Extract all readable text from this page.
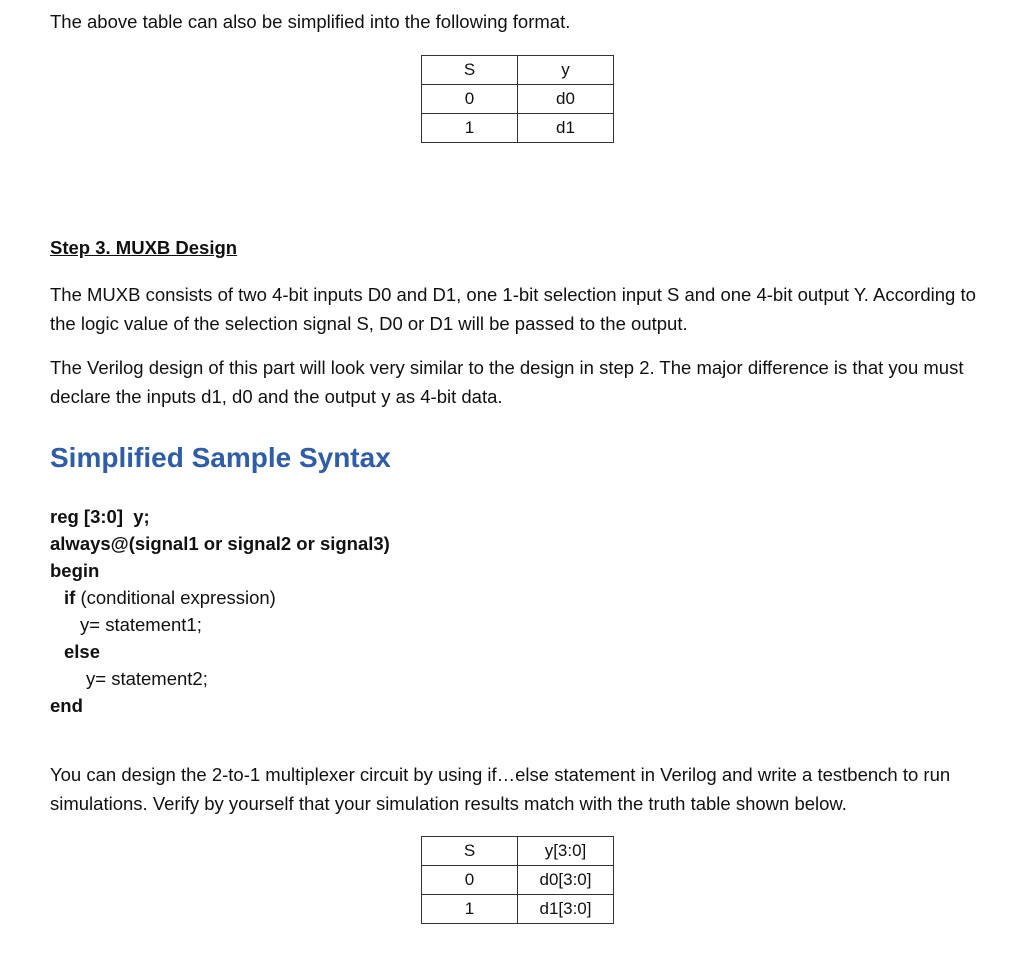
The above table can also be simplified into the following format.

S	y
0	d0
1	d1

Step 3. MUXB Design

The MUXB consists of two 4-bit inputs D0 and D1, one 1-bit selection input S and one 4-bit output Y. According to the logic value of the selection signal S, D0 or D1 will be passed to the output.

The Verilog design of this part will look very similar to the design in step 2. The major difference is that you must declare the inputs d1, d0 and the output y as 4-bit data.

Simplified Sample Syntax
reg [3:0]  y;
always@(signal1 or signal2 or signal3)
begin
if (conditional expression)
y= statement1;
else
y= statement2;
end

You can design the 2-to-1 multiplexer circuit by using if…else statement in Verilog and write a testbench to run simulations. Verify by yourself that your simulation results match with the truth table shown below.

S	y[3:0]
0	d0[3:0]
1	d1[3:0]
